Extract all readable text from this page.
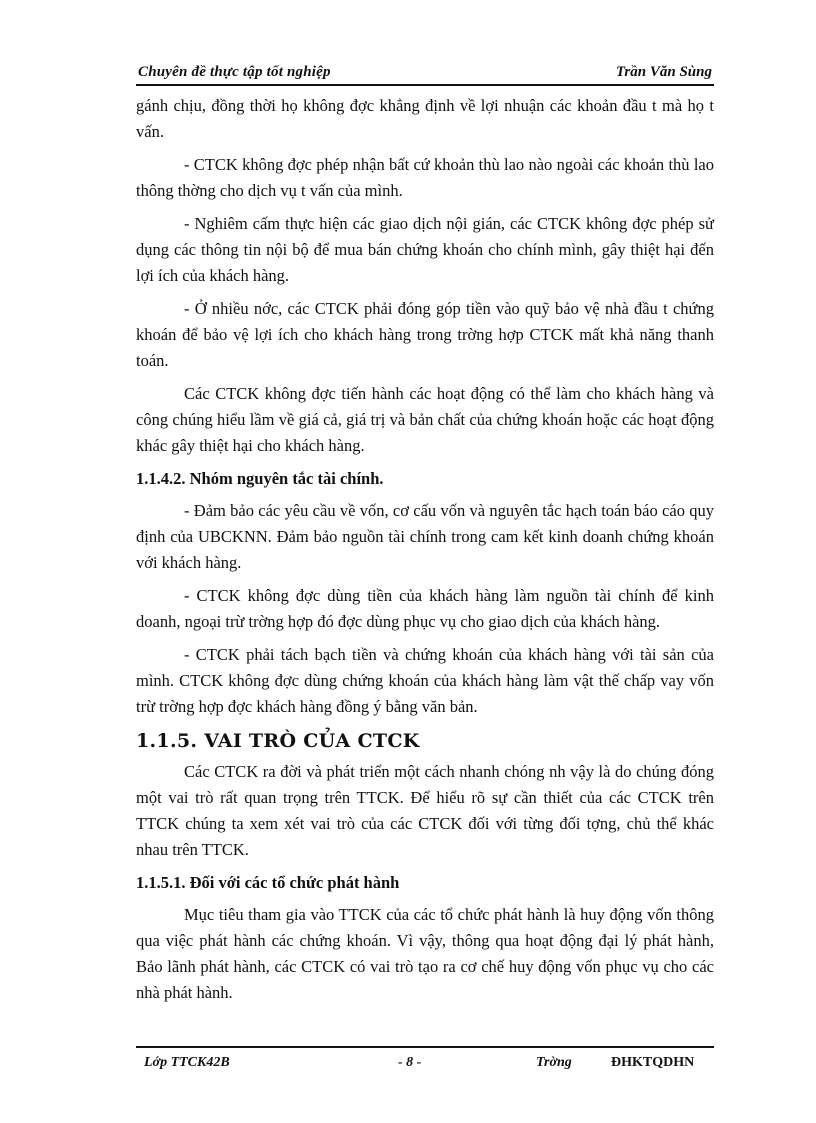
Chuyên đề thực tập tốt nghiệp	Trần Văn Sùng

gánh chịu, đồng thời họ không đợc khẳng định về lợi nhuận các khoản đầu t mà họ t vấn.

- CTCK không đợc phép nhận bất cứ khoản thù lao nào ngoài các khoản thù lao thông thờng cho dịch vụ t vấn của mình.

- Nghiêm cấm thực hiện các giao dịch nội gián, các CTCK không đợc phép sử dụng các thông tin nội bộ để mua bán chứng khoán cho chính mình, gây thiệt hại đến lợi ích của khách hàng.

- Ở nhiều nớc, các CTCK phải đóng góp tiền vào quỹ bảo vệ nhà đầu t chứng khoán để bảo vệ lợi ích cho khách hàng trong trờng hợp CTCK mất khả năng thanh toán.

Các CTCK không đợc tiến hành các hoạt động có thể làm cho khách hàng và công chúng hiểu lầm về giá cả, giá trị và bản chất của chứng khoán hoặc các hoạt động khác gây thiệt hại cho khách hàng.

1.1.4.2. Nhóm nguyên tắc tài chính.

- Đảm bảo các yêu cầu về vốn, cơ cấu vốn và nguyên tắc hạch toán báo cáo quy định của UBCKNN. Đảm bảo nguồn tài chính trong cam kết kinh doanh chứng khoán với khách hàng.

- CTCK không đợc dùng tiền của khách hàng làm nguồn tài chính để kinh doanh, ngoại trừ trờng hợp đó đợc dùng phục vụ cho giao dịch của khách hàng.

- CTCK phải tách bạch tiền và chứng khoán của khách hàng với tài sản của mình. CTCK không đợc dùng chứng khoán của khách hàng làm vật thế chấp vay vốn trừ trờng hợp đợc khách hàng đồng ý bằng văn bản.

1.1.5. VAI TRÒ CỦA CTCK

Các CTCK ra đời và phát triển một cách nhanh chóng nh vậy là do chúng đóng một vai trò rất quan trọng trên TTCK. Để hiểu rõ sự cần thiết của các CTCK trên TTCK chúng ta xem xét vai trò của các CTCK đối với từng đối tợng, chủ thể khác nhau trên TTCK.

1.1.5.1. Đối với các tổ chức phát hành

Mục tiêu tham gia vào TTCK của các tổ chức phát hành là huy động vốn thông qua việc phát hành các chứng khoán. Vì vậy, thông qua hoạt động đại lý phát hành, Bảo lãnh phát hành, các CTCK có vai trò tạo ra cơ chế huy động vốn phục vụ cho các nhà phát hành.

Lớp TTCK42B	- 8 -	Trờng	ĐHKTQDHN
